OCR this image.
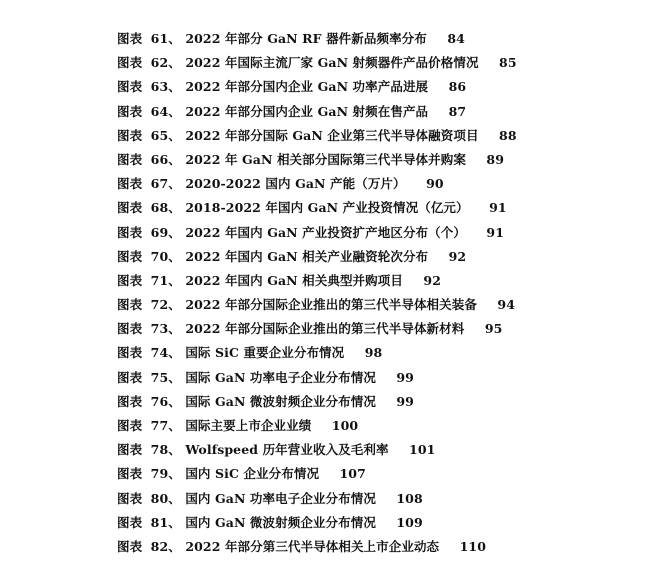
图表 61、 2022 年部分 GaN RF 器件新品频率分布 84
图表 62、 2022 年国际主流厂家 GaN 射频器件产品价格情况 85
图表 63、 2022 年部分国内企业 GaN 功率产品进展 86
图表 64、 2022 年部分国内企业 GaN 射频在售产品 87
图表 65、 2022 年部分国际 GaN 企业第三代半导体融资项目 88
图表 66、 2022 年 GaN 相关部分国际第三代半导体并购案 89
图表 67、 2020-2022 国内 GaN 产能（万片） 90
图表 68、 2018-2022 年国内 GaN 产业投资情况（亿元） 91
图表 69、 2022 年国内 GaN 产业投资扩产地区分布（个） 91
图表 70、 2022 年国内 GaN 相关产业融资轮次分布 92
图表 71、 2022 年国内 GaN 相关典型并购项目 92
图表 72、 2022 年部分国际企业推出的第三代半导体相关装备 94
图表 73、 2022 年部分国际企业推出的第三代半导体新材料 95
图表 74、 国际 SiC 重要企业分布情况 98
图表 75、 国际 GaN 功率电子企业分布情况 99
图表 76、 国际 GaN 微波射频企业分布情况 99
图表 77、 国际主要上市企业业绩 100
图表 78、 Wolfspeed 历年营业收入及毛利率 101
图表 79、 国内 SiC 企业分布情况 107
图表 80、 国内 GaN 功率电子企业分布情况 108
图表 81、 国内 GaN 微波射频企业分布情况 109
图表 82、 2022 年部分第三代半导体相关上市企业动态 110
